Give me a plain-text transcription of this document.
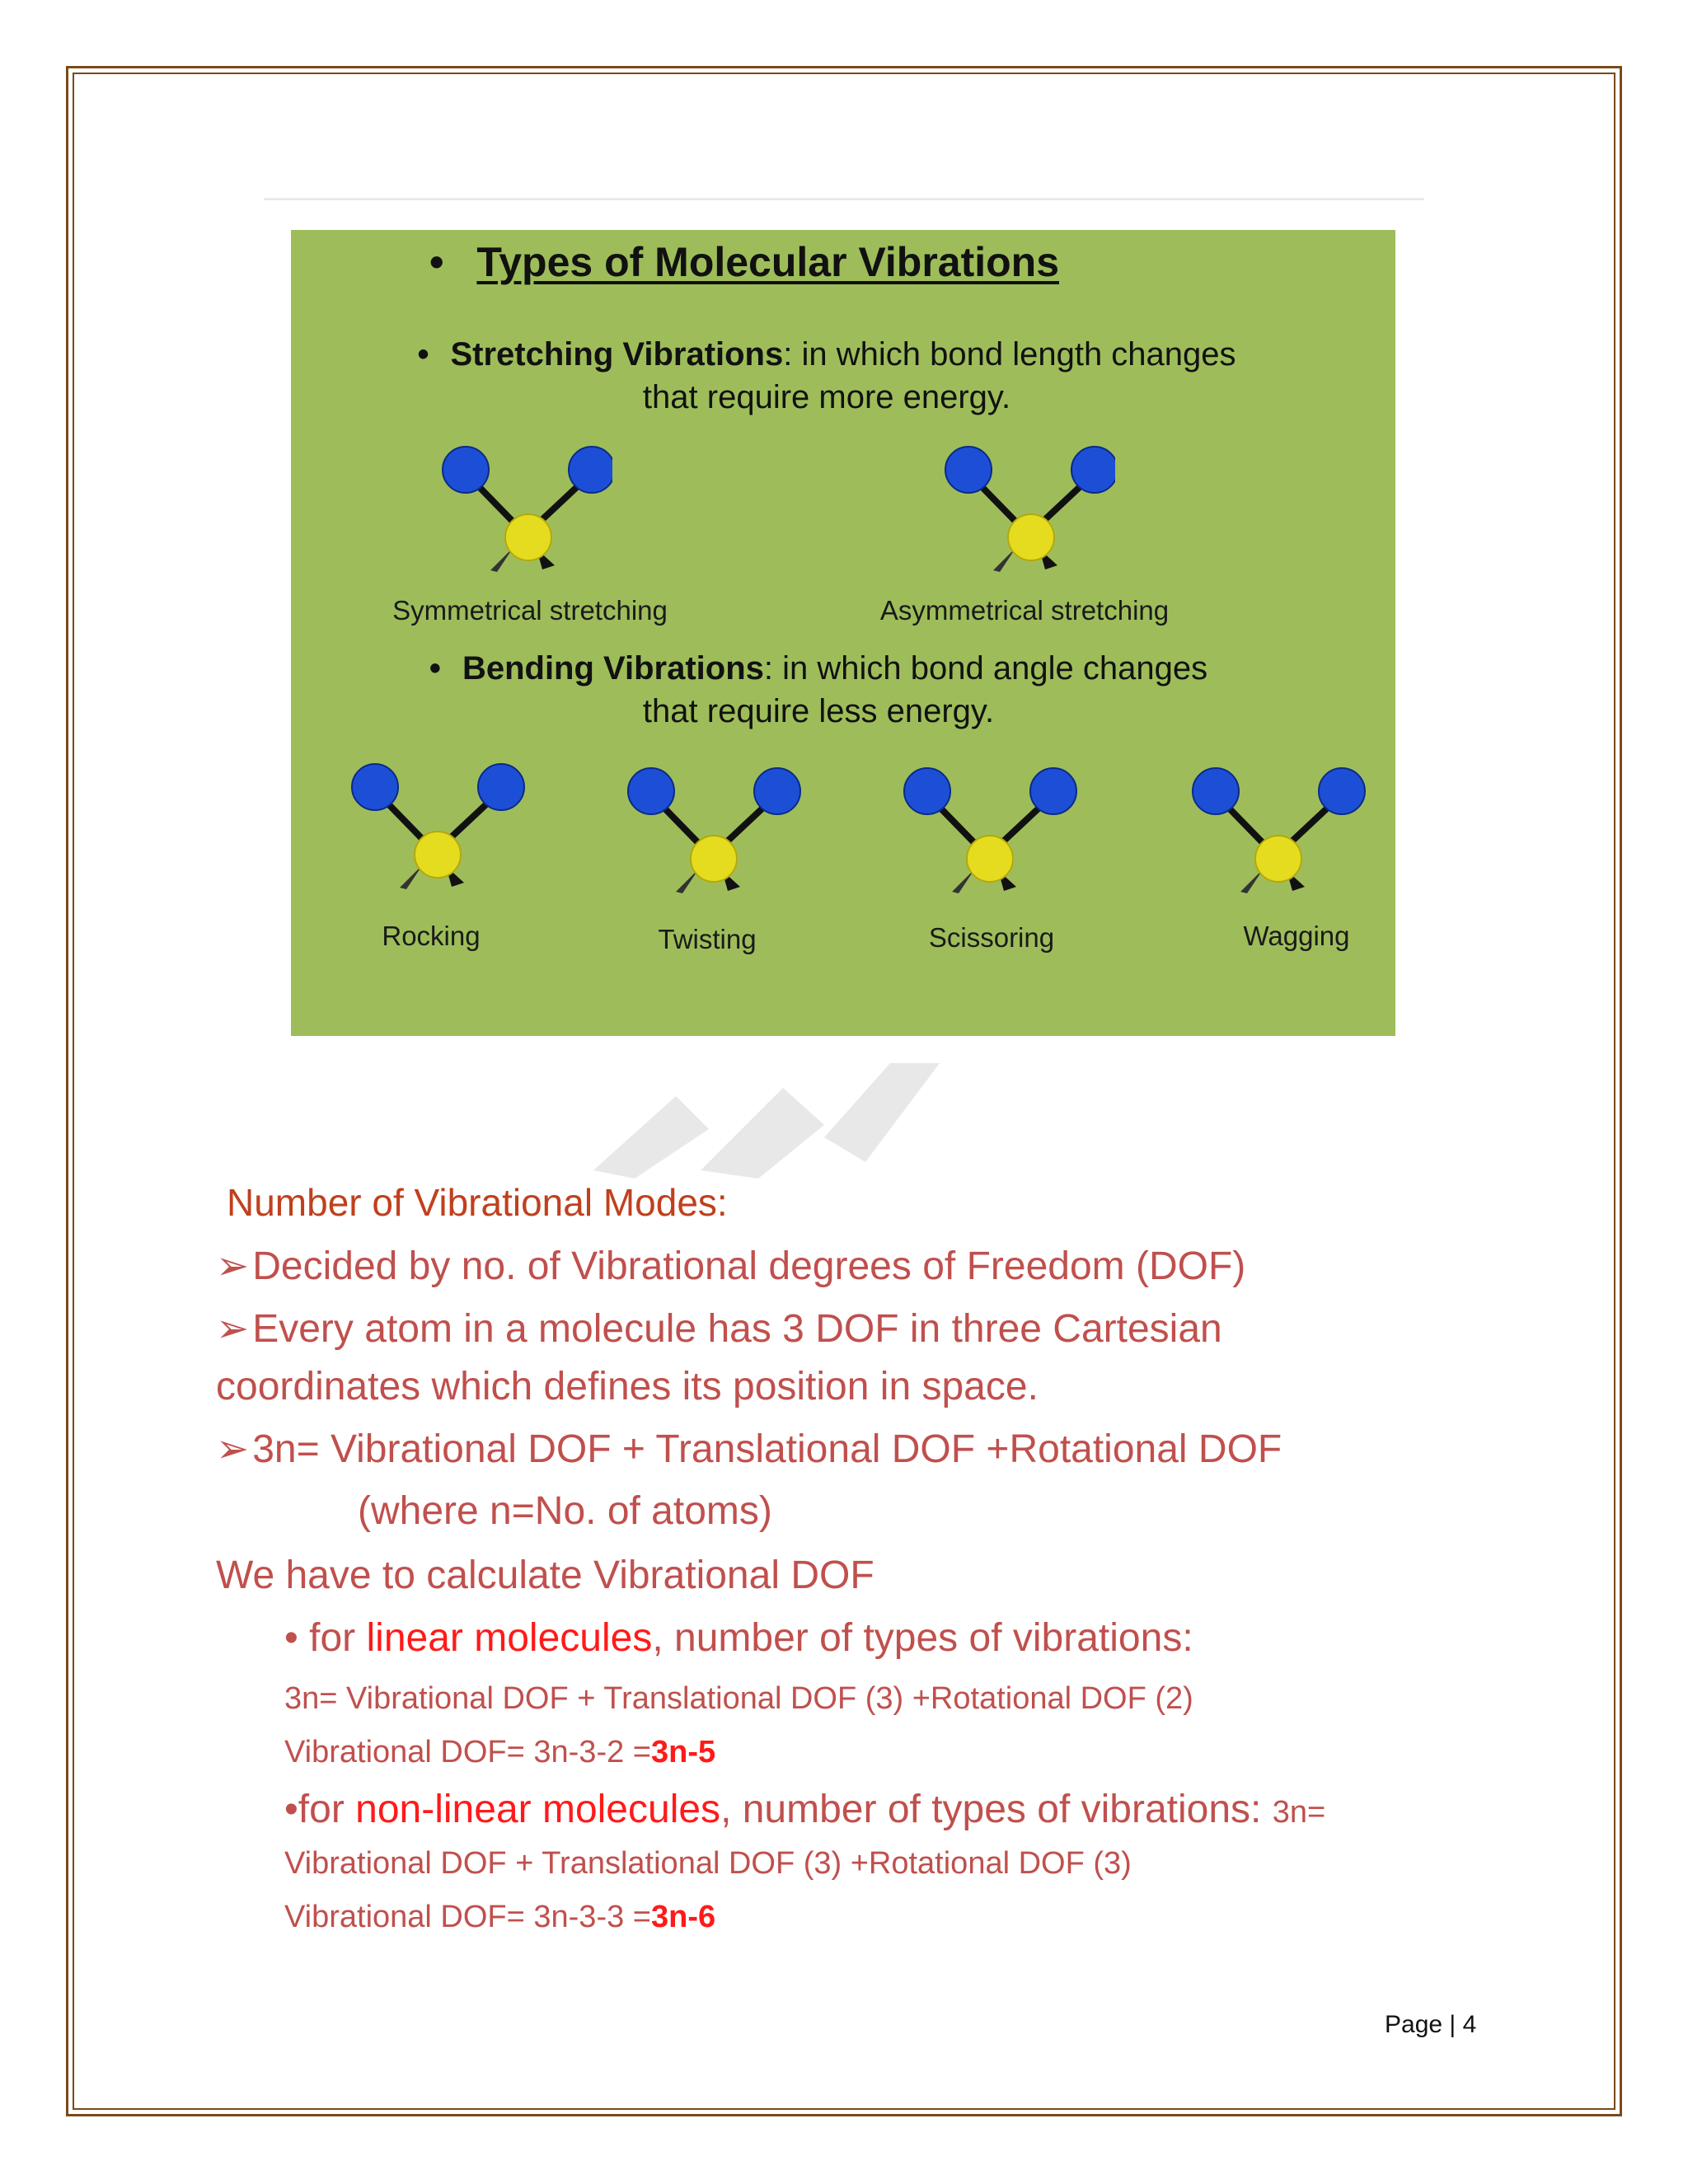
• Types of Molecular Vibrations
• Stretching Vibrations: in which bond length changes
that require more energy.
Symmetrical stretching	Asymmetrical stretching
• Bending Vibrations: in which bond angle changes
that require less energy.
Rocking	Twisting	Scissoring	Wagging
Number of Vibrational Modes:
➢Decided by no. of Vibrational degrees of Freedom (DOF)
➢Every atom in a molecule has 3 DOF in three Cartesian
coordinates which defines its position in space.
➢3n= Vibrational DOF + Translational DOF +Rotational DOF
(where n=No. of atoms)
We have to calculate Vibrational DOF
• for linear molecules, number of types of vibrations:
3n= Vibrational DOF + Translational DOF (3) +Rotational DOF (2)
Vibrational DOF= 3n-3-2 =3n-5
•for non-linear molecules, number of types of vibrations: 3n=
Vibrational DOF + Translational DOF (3) +Rotational DOF (3)
Vibrational DOF= 3n-3-3 =3n-6
Page | 4
